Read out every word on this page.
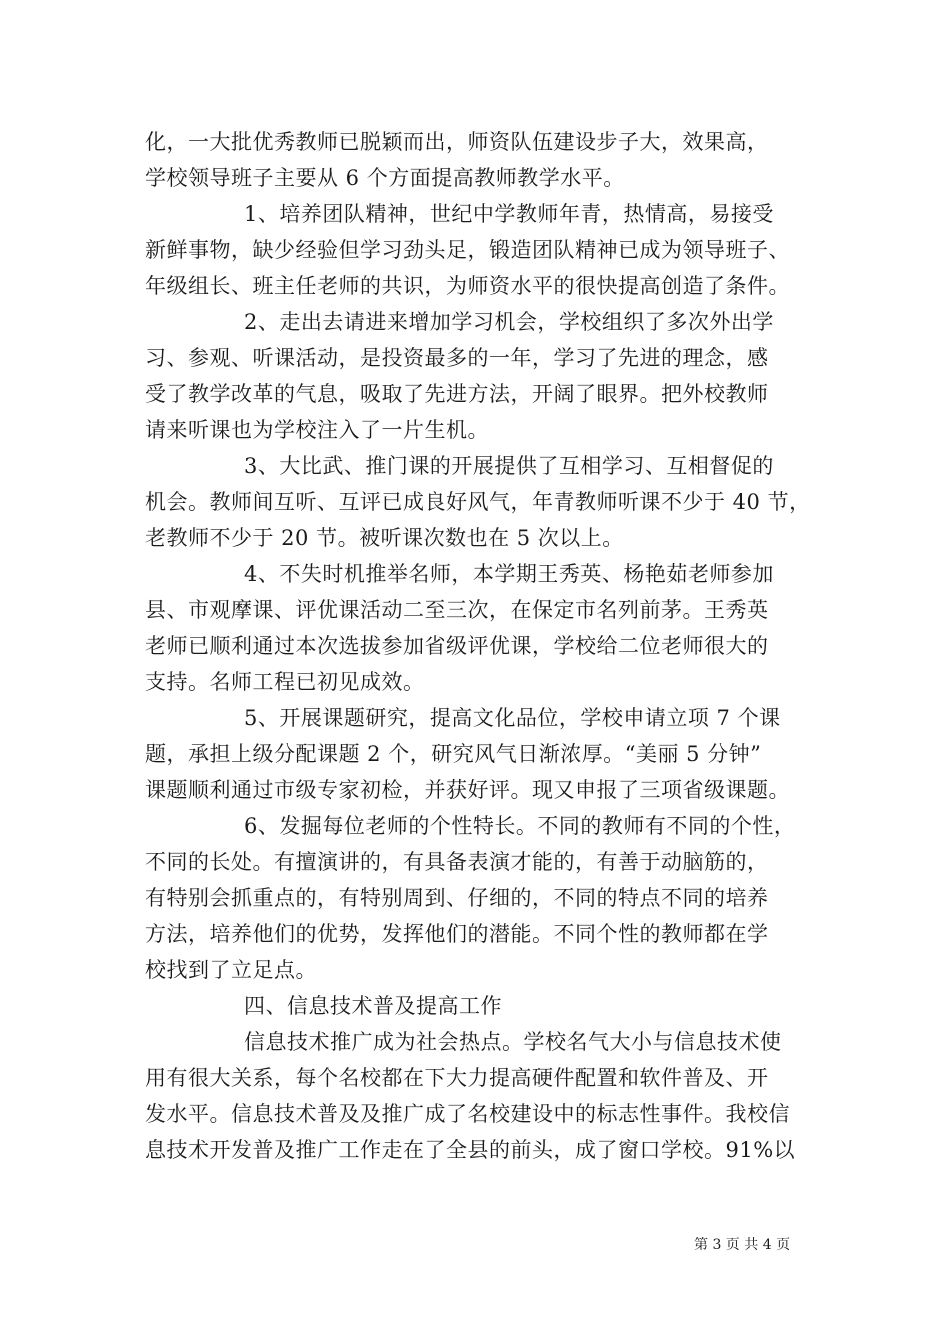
化，一大批优秀教师已脱颖而出，师资队伍建设步子大，效果高，
学校领导班子主要从 6 个方面提高教师教学水平。
1、培养团队精神，世纪中学教师年青，热情高，易接受
新鲜事物，缺少经验但学习劲头足，锻造团队精神已成为领导班子、
年级组长、班主任老师的共识，为师资水平的很快提高创造了条件。
2、走出去请进来增加学习机会，学校组织了多次外出学
习、参观、听课活动，是投资最多的一年，学习了先进的理念，感
受了教学改革的气息，吸取了先进方法，开阔了眼界。把外校教师
请来听课也为学校注入了一片生机。
3、大比武、推门课的开展提供了互相学习、互相督促的
机会。教师间互听、互评已成良好风气，年青教师听课不少于 40 节，
老教师不少于 20 节。被听课次数也在 5 次以上。
4、不失时机推举名师，本学期王秀英、杨艳茹老师参加
县、市观摩课、评优课活动二至三次，在保定市名列前茅。王秀英
老师已顺利通过本次选拔参加省级评优课，学校给二位老师很大的
支持。名师工程已初见成效。
5、开展课题研究，提高文化品位，学校申请立项 7 个课
题，承担上级分配课题 2 个，研究风气日渐浓厚。“美丽 5 分钟”
课题顺利通过市级专家初检，并获好评。现又申报了三项省级课题。
6、发掘每位老师的个性特长。不同的教师有不同的个性，
不同的长处。有擅演讲的，有具备表演才能的，有善于动脑筋的，
有特别会抓重点的，有特别周到、仔细的，不同的特点不同的培养
方法，培养他们的优势，发挥他们的潜能。不同个性的教师都在学
校找到了立足点。
四、信息技术普及提高工作
信息技术推广成为社会热点。学校名气大小与信息技术使
用有很大关系，每个名校都在下大力提高硬件配置和软件普及、开
发水平。信息技术普及及推广成了名校建设中的标志性事件。我校信
息技术开发普及推广工作走在了全县的前头，成了窗口学校。91%以
第 3 页 共 4 页
